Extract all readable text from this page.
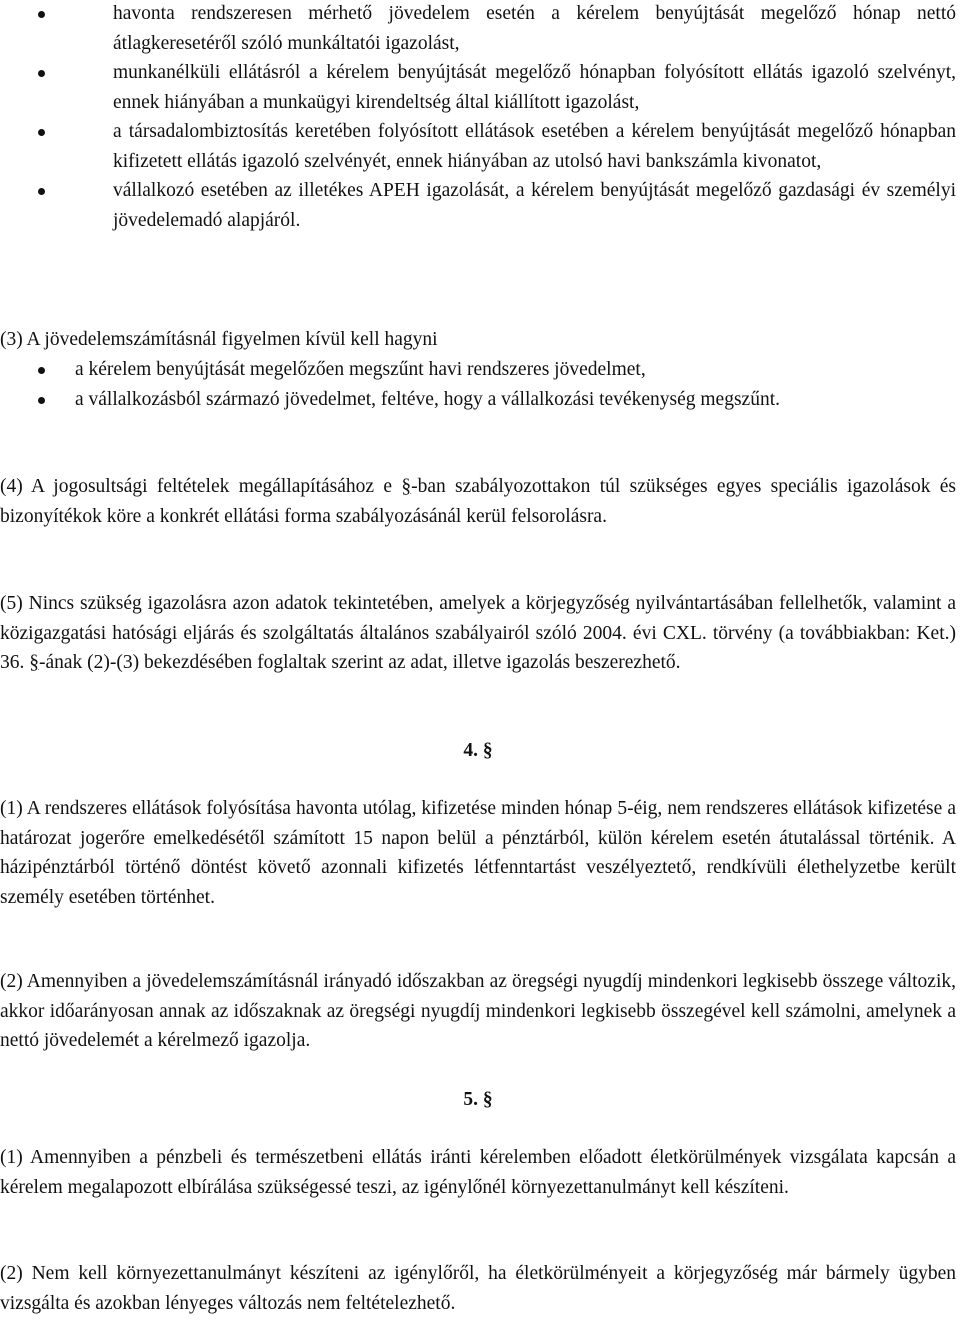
havonta rendszeresen mérhető jövedelem esetén a kérelem benyújtását megelőző hónap nettó átlagkeresetéről szóló munkáltatói igazolást,
munkanélküli ellátásról a kérelem benyújtását megelőző hónapban folyósított ellátás igazoló szelvényt, ennek hiányában a munkaügyi kirendeltség által kiállított igazolást,
a társadalombiztosítás keretében folyósított ellátások esetében a kérelem benyújtását megelőző hónapban kifizetett ellátás igazoló szelvényét, ennek hiányában az utolsó havi bankszámla kivonatot,
vállalkozó esetében az illetékes APEH igazolását, a kérelem benyújtását megelőző gazdasági év személyi jövedelemadó alapjáról.

(3) A jövedelemszámításnál figyelmen kívül kell hagyni

a kérelem benyújtását megelőzően megszűnt havi rendszeres jövedelmet,
a vállalkozásból származó jövedelmet, feltéve, hogy a vállalkozási tevékenység megszűnt.

(4) A jogosultsági feltételek megállapításához e §-ban szabályozottakon túl szükséges egyes speciális igazolások és bizonyítékok köre a konkrét ellátási forma szabályozásánál kerül felsorolásra.

(5) Nincs szükség igazolásra azon adatok tekintetében, amelyek a körjegyzőség nyilvántartásában fellelhetők, valamint a közigazgatási hatósági eljárás és szolgáltatás általános szabályairól szóló 2004. évi CXL. törvény (a továbbiakban: Ket.) 36. §-ának (2)-(3) bekezdésében foglaltak szerint az adat, illetve igazolás beszerezhető.

4. §

(1) A rendszeres ellátások folyósítása havonta utólag, kifizetése minden hónap 5-éig, nem rendszeres ellátások kifizetése a határozat jogerőre emelkedésétől számított 15 napon belül a pénztárból, külön kérelem esetén átutalással történik. A házipénztárból történő döntést követő azonnali kifizetés létfenntartást veszélyeztető, rendkívüli élethelyzetbe került személy esetében történhet.

(2) Amennyiben a jövedelemszámításnál irányadó időszakban az öregségi nyugdíj mindenkori legkisebb összege változik, akkor időarányosan annak az időszaknak az öregségi nyugdíj mindenkori legkisebb összegével kell számolni, amelynek a nettó jövedelemét a kérelmező igazolja.

5. §

(1) Amennyiben a pénzbeli és természetbeni ellátás iránti kérelemben előadott életkörülmények vizsgálata kapcsán a kérelem megalapozott elbírálása szükségessé teszi, az igénylőnél környezettanulmányt kell készíteni.

(2) Nem kell környezettanulmányt készíteni az igénylőről, ha életkörülményeit a körjegyzőség már bármely ügyben vizsgálta és azokban lényeges változás nem feltételezhető.
